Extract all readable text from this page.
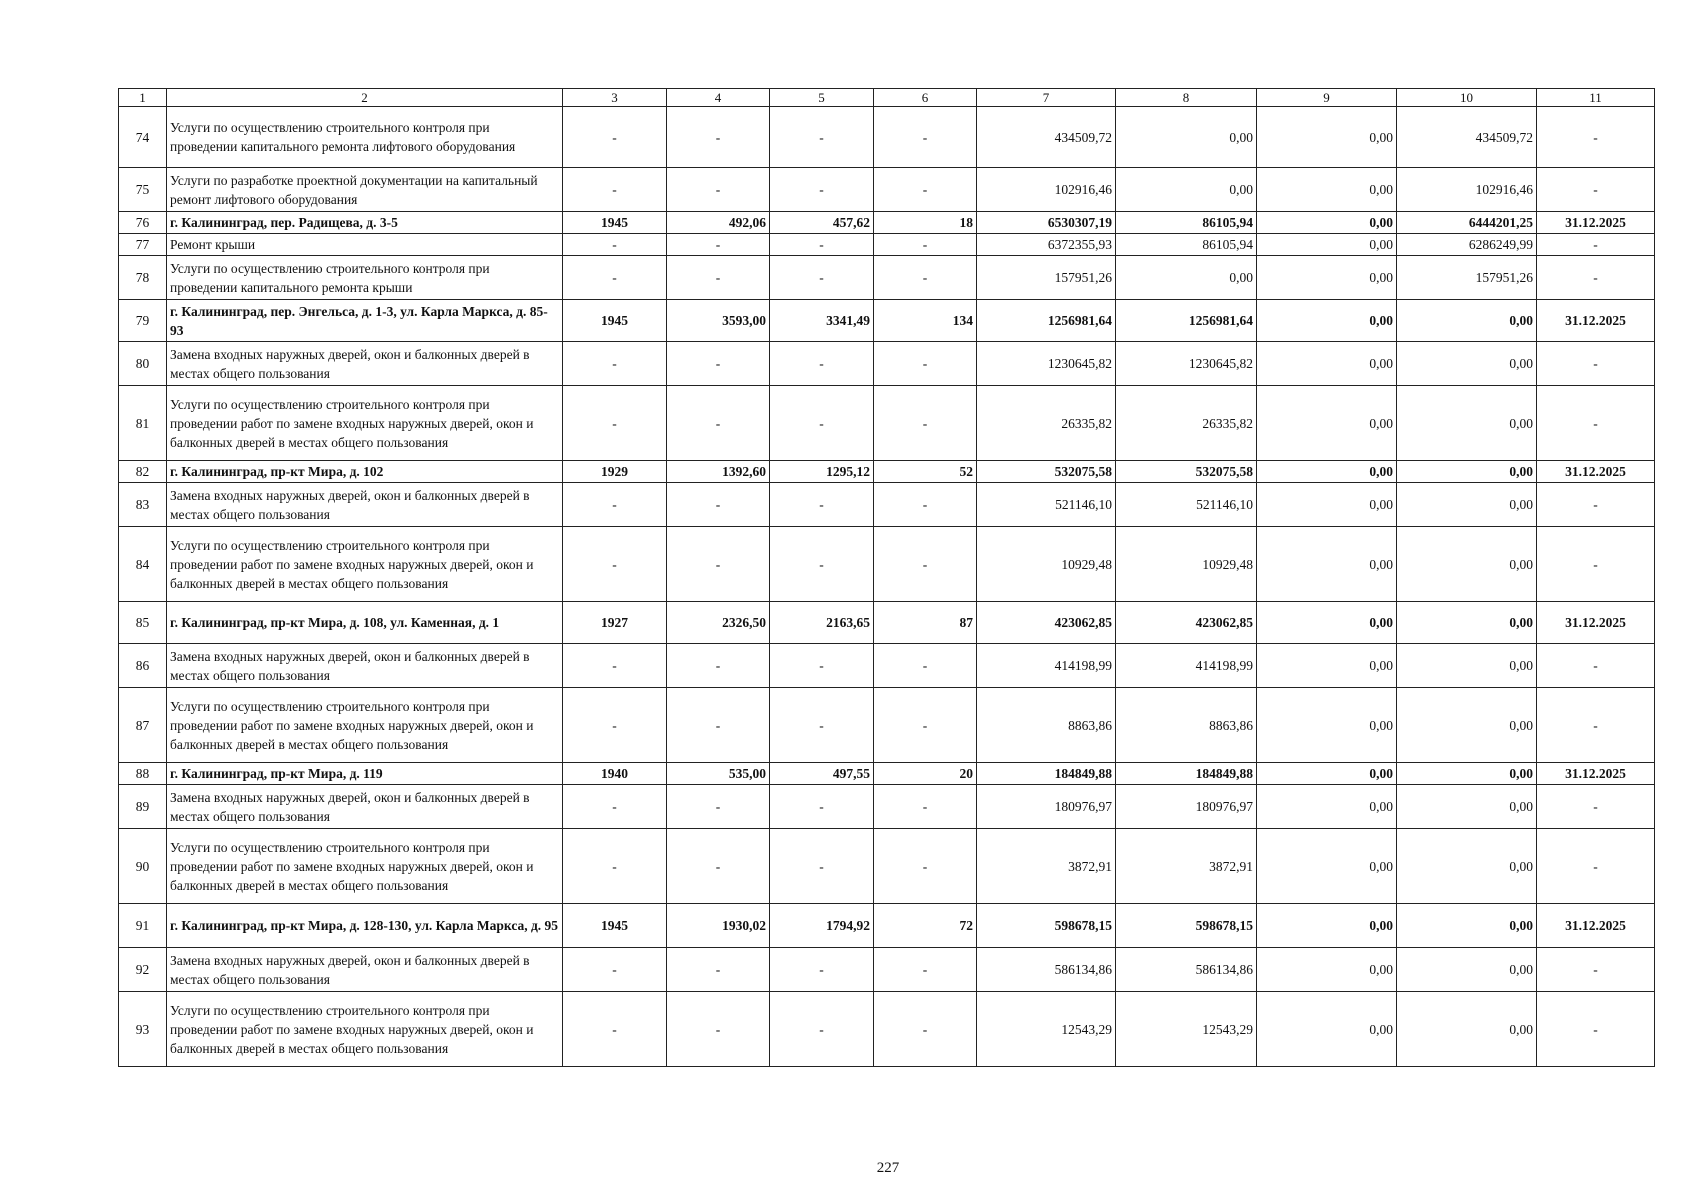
1	2	3	4	5	6	7	8	9	10	11
74	Услуги по осуществлению строительного контроля при проведении капитального ремонта лифтового оборудования	-	-	-	-	434509,72	0,00	0,00	434509,72	-
75	Услуги по разработке проектной документации на капитальный ремонт лифтового оборудования	-	-	-	-	102916,46	0,00	0,00	102916,46	-
76	г. Калининград, пер. Радищева, д. 3-5	1945	492,06	457,62	18	6530307,19	86105,94	0,00	6444201,25	31.12.2025
77	Ремонт крыши	-	-	-	-	6372355,93	86105,94	0,00	6286249,99	-
78	Услуги по осуществлению строительного контроля при проведении капитального ремонта крыши	-	-	-	-	157951,26	0,00	0,00	157951,26	-
79	г. Калининград, пер. Энгельса, д. 1-3, ул. Карла Маркса, д. 85-93	1945	3593,00	3341,49	134	1256981,64	1256981,64	0,00	0,00	31.12.2025
80	Замена входных наружных дверей, окон и балконных дверей в местах общего пользования	-	-	-	-	1230645,82	1230645,82	0,00	0,00	-
81	Услуги по осуществлению строительного контроля при проведении работ по замене входных наружных дверей, окон и балконных дверей в местах общего пользования	-	-	-	-	26335,82	26335,82	0,00	0,00	-
82	г. Калининград, пр-кт Мира, д. 102	1929	1392,60	1295,12	52	532075,58	532075,58	0,00	0,00	31.12.2025
83	Замена входных наружных дверей, окон и балконных дверей в местах общего пользования	-	-	-	-	521146,10	521146,10	0,00	0,00	-
84	Услуги по осуществлению строительного контроля при проведении работ по замене входных наружных дверей, окон и балконных дверей в местах общего пользования	-	-	-	-	10929,48	10929,48	0,00	0,00	-
85	г. Калининград, пр-кт Мира, д. 108, ул. Каменная, д. 1	1927	2326,50	2163,65	87	423062,85	423062,85	0,00	0,00	31.12.2025
86	Замена входных наружных дверей, окон и балконных дверей в местах общего пользования	-	-	-	-	414198,99	414198,99	0,00	0,00	-
87	Услуги по осуществлению строительного контроля при проведении работ по замене входных наружных дверей, окон и балконных дверей в местах общего пользования	-	-	-	-	8863,86	8863,86	0,00	0,00	-
88	г. Калининград, пр-кт Мира, д. 119	1940	535,00	497,55	20	184849,88	184849,88	0,00	0,00	31.12.2025
89	Замена входных наружных дверей, окон и балконных дверей в местах общего пользования	-	-	-	-	180976,97	180976,97	0,00	0,00	-
90	Услуги по осуществлению строительного контроля при проведении работ по замене входных наружных дверей, окон и балконных дверей в местах общего пользования	-	-	-	-	3872,91	3872,91	0,00	0,00	-
91	г. Калининград, пр-кт Мира, д. 128-130, ул. Карла Маркса, д. 95	1945	1930,02	1794,92	72	598678,15	598678,15	0,00	0,00	31.12.2025
92	Замена входных наружных дверей, окон и балконных дверей в местах общего пользования	-	-	-	-	586134,86	586134,86	0,00	0,00	-
93	Услуги по осуществлению строительного контроля при проведении работ по замене входных наружных дверей, окон и балконных дверей в местах общего пользования	-	-	-	-	12543,29	12543,29	0,00	0,00	-
227
